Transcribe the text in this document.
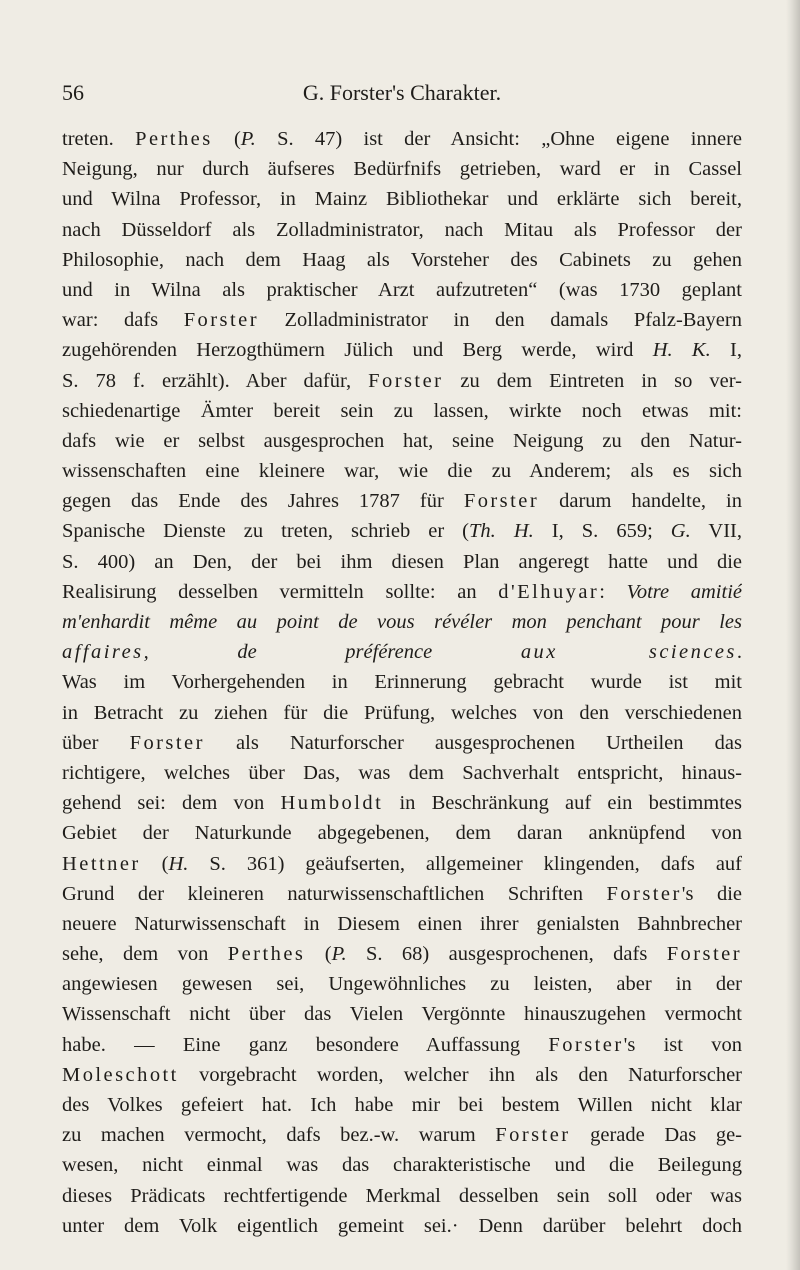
56	G. Forster's Charakter.
treten. Perthes (P. S. 47) ist der Ansicht: „Ohne eigene innere
Neigung, nur durch äufseres Bedürfnifs getrieben, ward er in Cassel
und Wilna Professor, in Mainz Bibliothekar und erklärte sich bereit,
nach Düsseldorf als Zolladministrator, nach Mitau als Professor der
Philosophie, nach dem Haag als Vorsteher des Cabinets zu gehen
und in Wilna als praktischer Arzt aufzutreten“ (was 1730 geplant
war: dafs Forster Zolladministrator in den damals Pfalz-Bayern
zugehörenden Herzogthümern Jülich und Berg werde, wird H. K. I,
S. 78 f. erzählt). Aber dafür, Forster zu dem Eintreten in so ver-
schiedenartige Ämter bereit sein zu lassen, wirkte noch etwas mit:
dafs wie er selbst ausgesprochen hat, seine Neigung zu den Natur-
wissenschaften eine kleinere war, wie die zu Anderem; als es sich
gegen das Ende des Jahres 1787 für Forster darum handelte, in
Spanische Dienste zu treten, schrieb er (Th. H. I, S. 659; G. VII,
S. 400) an Den, der bei ihm diesen Plan angeregt hatte und die
Realisirung desselben vermitteln sollte: an d'Elhuyar: Votre amitié
m'enhardit même au point de vous révéler mon penchant pour les
affaires, de préférence	aux sciences.
Was im Vorhergehenden in Erinnerung gebracht wurde ist mit
in Betracht zu ziehen für die Prüfung, welches von den verschiedenen
über Forster als Naturforscher ausgesprochenen Urtheilen das
richtigere, welches über Das, was dem Sachverhalt entspricht, hinaus-
gehend sei: dem von Humboldt in Beschränkung auf ein bestimmtes
Gebiet der Naturkunde abgegebenen, dem daran anknüpfend von
Hettner (H. S. 361) geäufserten, allgemeiner klingenden, dafs auf
Grund der kleineren naturwissenschaftlichen Schriften Forster's die
neuere Naturwissenschaft in Diesem einen ihrer genialsten Bahnbrecher
sehe, dem von Perthes (P. S. 68) ausgesprochenen, dafs Forster
angewiesen gewesen sei, Ungewöhnliches zu leisten, aber in der
Wissenschaft nicht über das Vielen Vergönnte hinauszugehen vermocht
habe. — Eine ganz besondere Auffassung Forster's ist von
Moleschott vorgebracht worden, welcher ihn als den Naturforscher
des Volkes gefeiert hat. Ich habe mir bei bestem Willen nicht klar
zu machen vermocht, dafs bez.-w. warum Forster gerade Das ge-
wesen, nicht einmal was das charakteristische und die Beilegung
dieses Prädicats rechtfertigende Merkmal desselben sein soll oder was
unter dem Volk eigentlich gemeint sei.· Denn darüber belehrt doch
